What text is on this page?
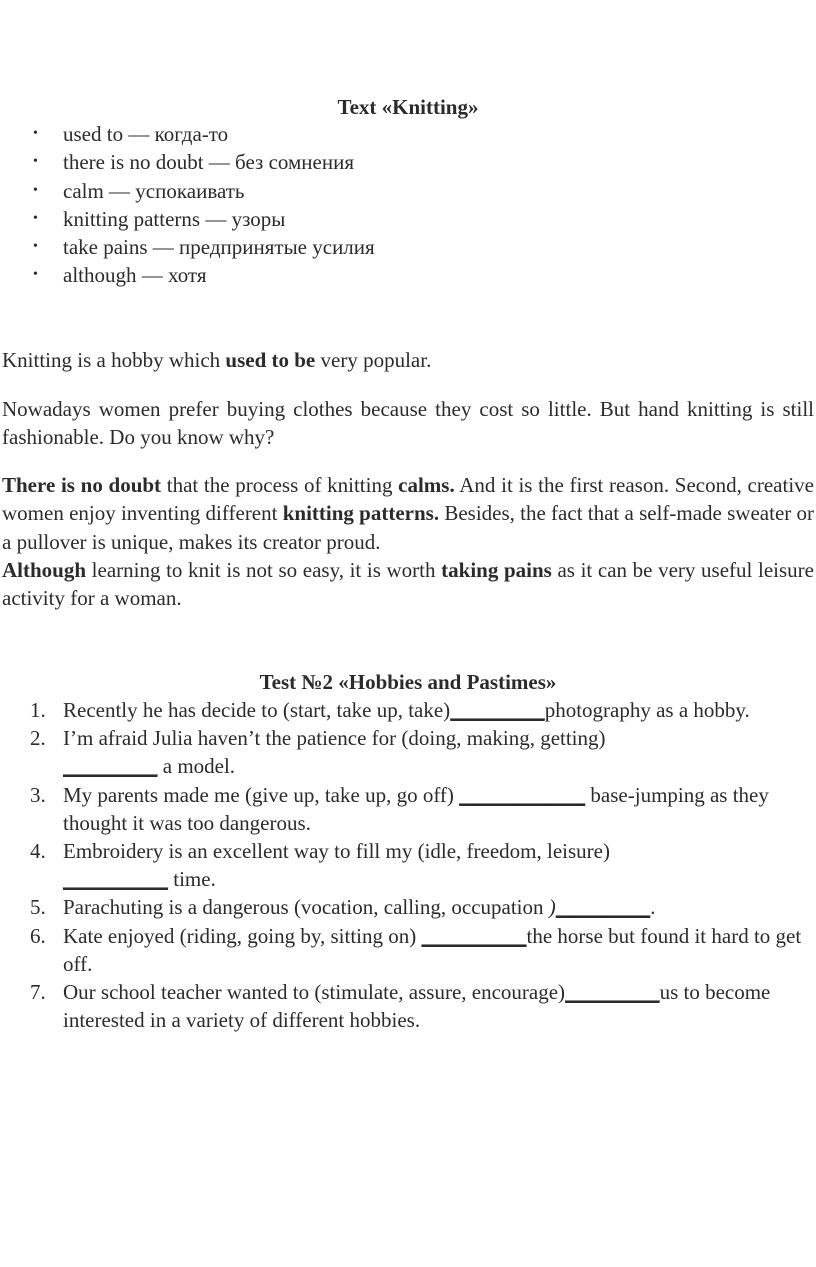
Text «Knitting»
• used to — когда-то
• there is no doubt — без сомнения
• calm — успокаивать
• knitting patterns — узоры
• take pains — предпринятые усилия
• although — хотя

Knitting is a hobby which used to be very popular.

Nowadays women prefer buying clothes because they cost so little. But hand knitting is still fashionable. Do you know why?

There is no doubt that the process of knitting calms. And it is the first reason. Second, creative women enjoy inventing different knitting patterns. Besides, the fact that a self-made sweater or a pullover is unique, makes its creator proud.
Although learning to knit is not so easy, it is worth taking pains as it can be very useful leisure activity for a woman.

Test №2 «Hobbies and Pastimes»
1. Recently he has decide to (start, take up, take)_________photography as a hobby.
2. I’m afraid Julia haven’t the patience for (doing, making, getting)
_________ a model.
3. My parents made me (give up, take up, go off) ____________ base-jumping as they thought it was too dangerous.
4. Embroidery is an excellent way to fill my (idle, freedom, leisure)
__________ time.
5. Parachuting is a dangerous (vocation, calling, occupation )_________.
6. Kate enjoyed (riding, going by, sitting on) __________the horse but found it hard to get off.
7. Our school teacher wanted to (stimulate, assure, encourage)_________us to become interested in a variety of different hobbies.
